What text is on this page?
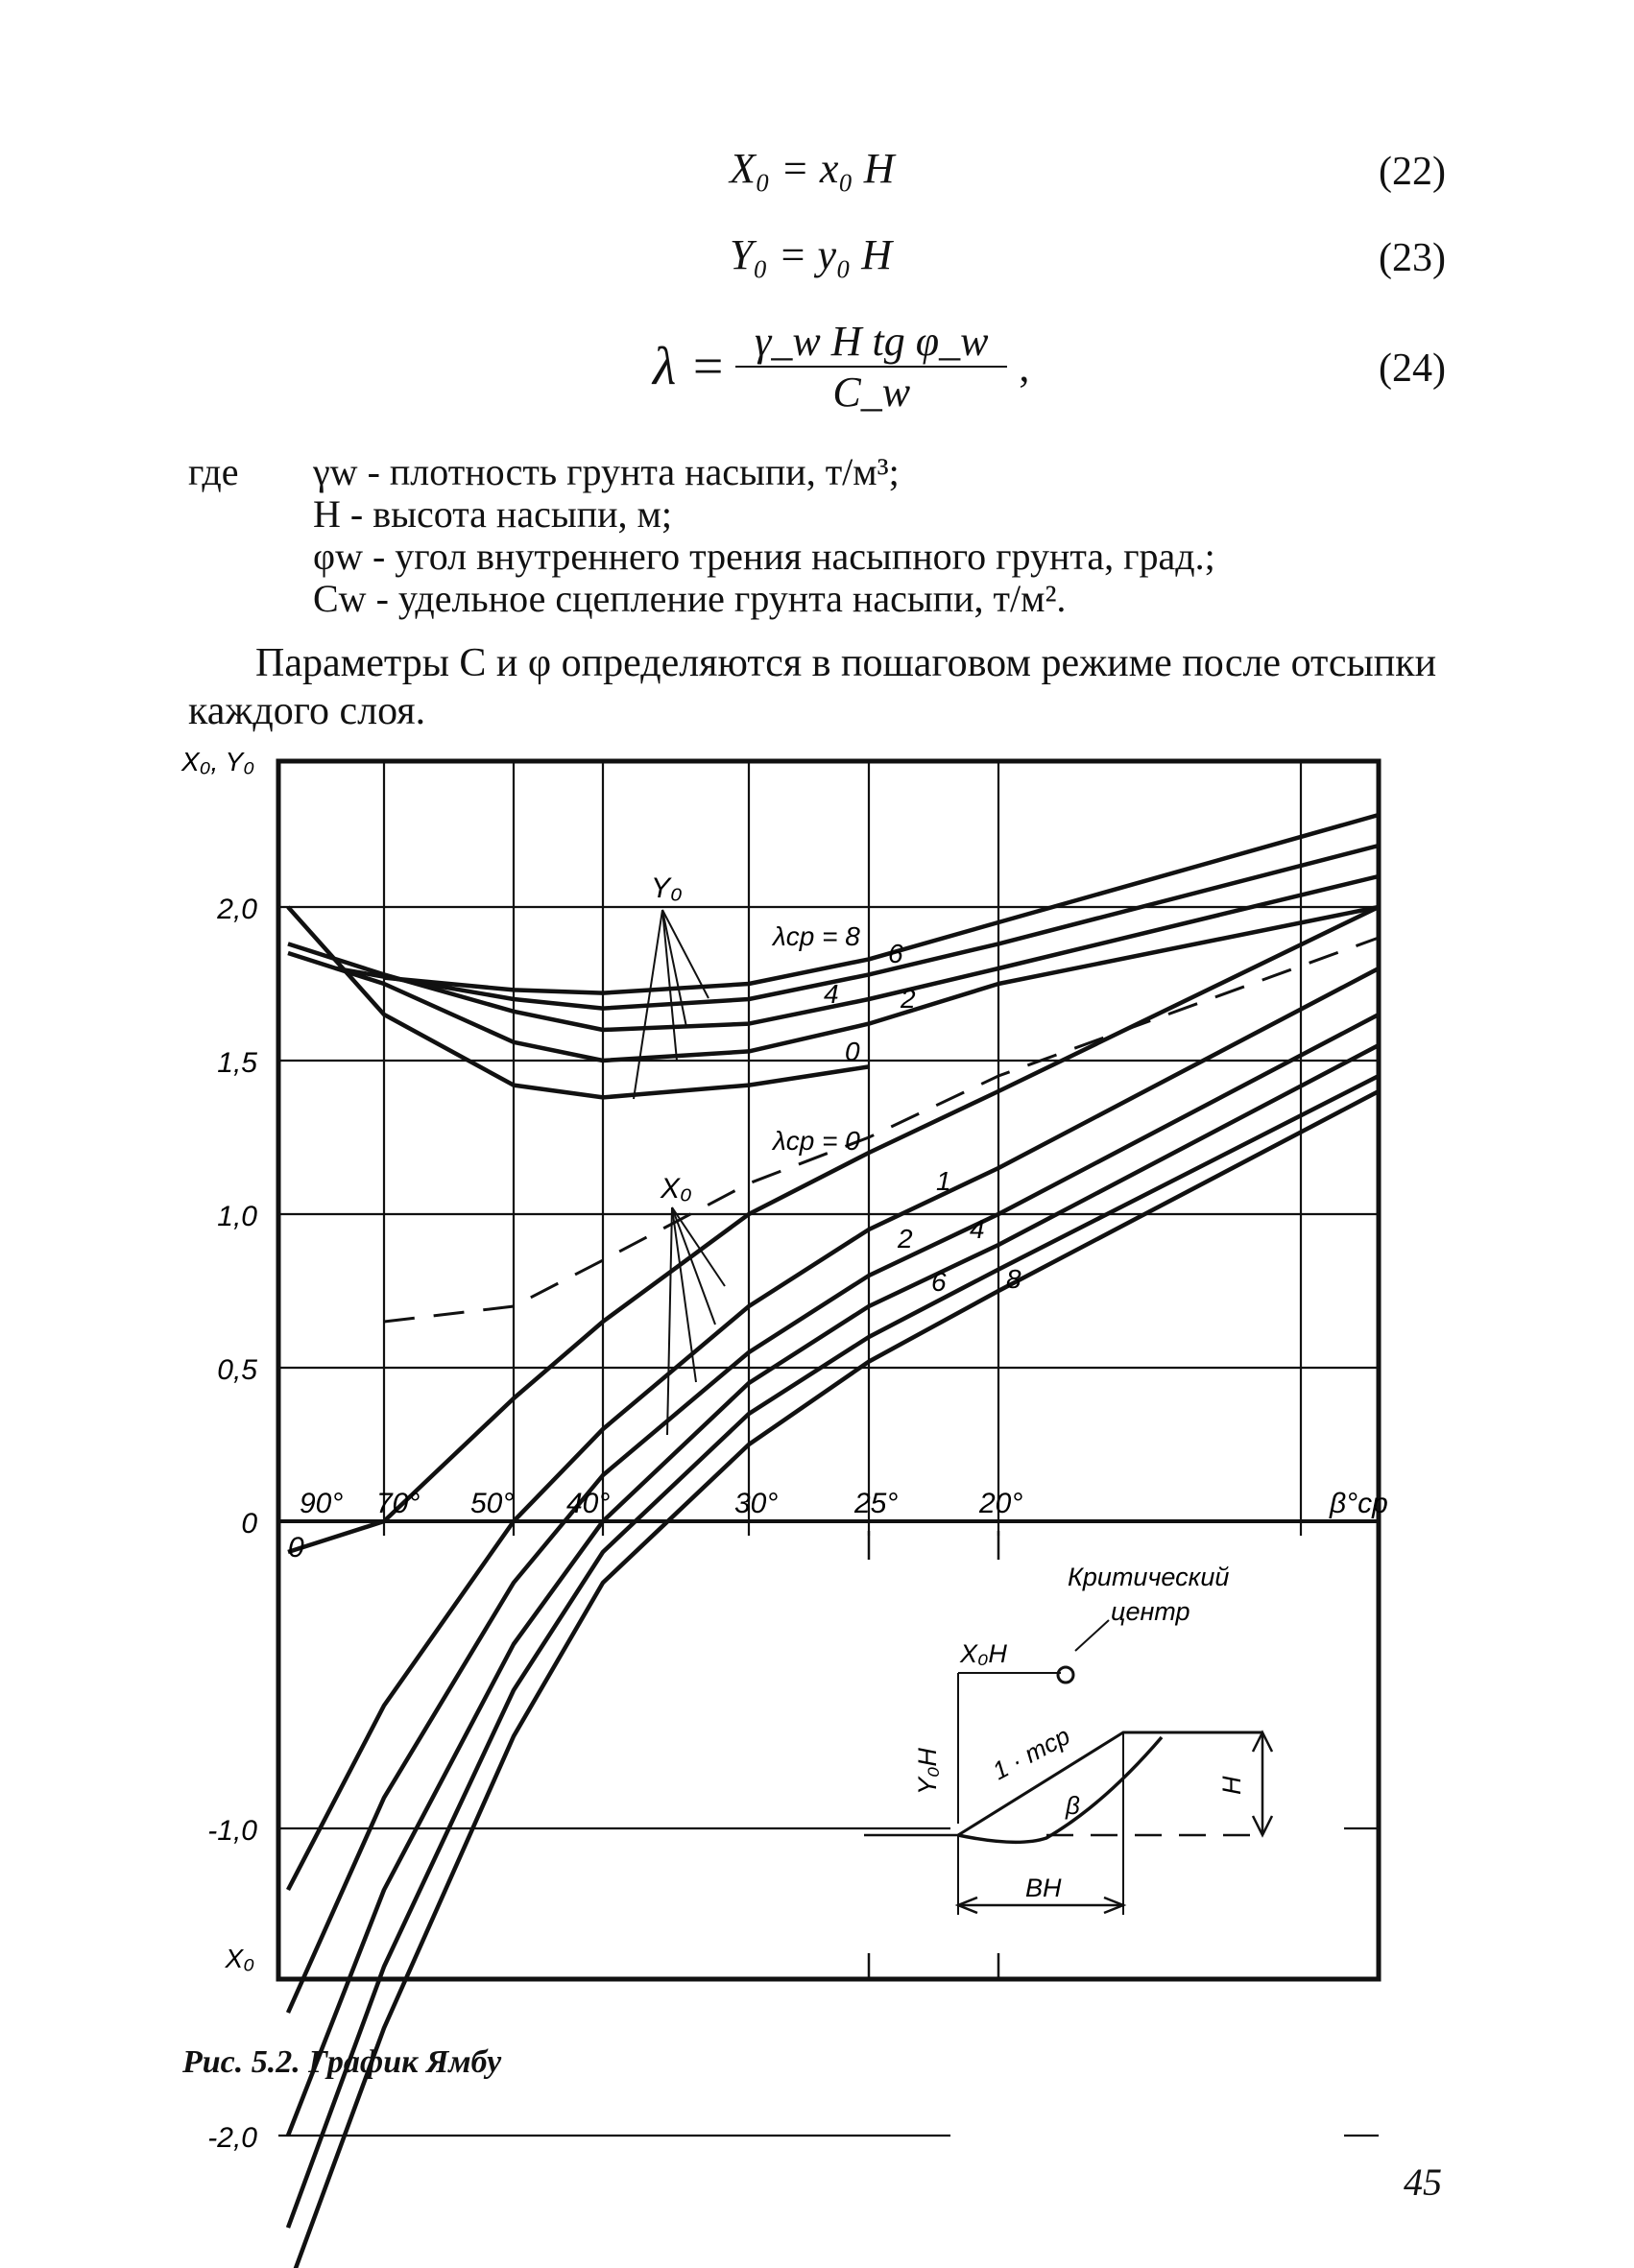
X₀ = x₀ H	(22)
Y₀ = y₀ H	(23)
$\lambda = \frac{\text{γ\_w H tg φ\_w}}{C\_w}$ ,	(24)
где	γw - плотность грунта насыпи, т/м³;
H - высота насыпи, м;
φw - угол внутреннего трения насыпного грунта, град.;
Cw - удельное сцепление грунта насыпи, т/м².
Параметры C и φ определяются в пошаговом режиме после отсыпки каждого слоя.
2,0
1,5
1,0
0,5
0
-1,0
-2,0
X₀, Y₀
X₀
90° 70° 50° 40°	30°	25°	20°
0
β°ср
Y₀
X₀
λср = 8
λср = 0
6
4 2
0
1
2 4
6 8
Критический
центр
X₀H
Y₀H 1 · mср
β
H
BH
Рис. 5.2. График Ямбу
45
